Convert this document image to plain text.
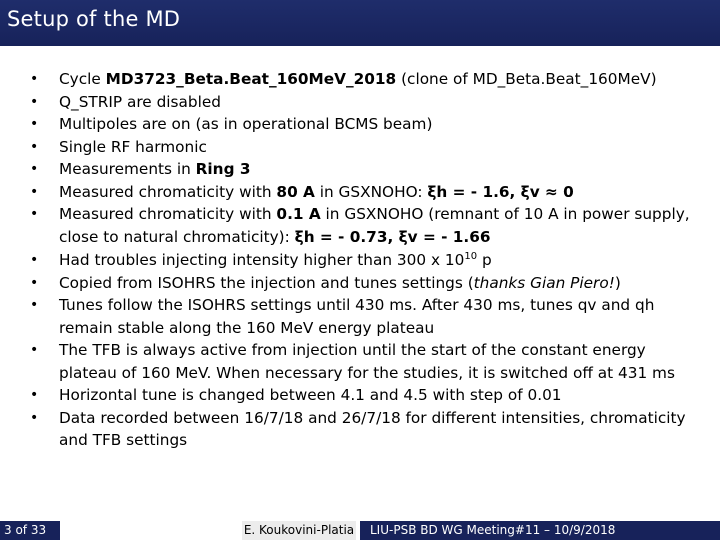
Setup of the MD
• Cycle MD3723_Beta.Beat_160MeV_2018 (clone of MD_Beta.Beat_160MeV)
• Q_STRIP are disabled
• Multipoles are on (as in operational BCMS beam)
• Single RF harmonic
• Measurements in Ring 3
• Measured chromaticity with 80 A in GSXNOHO: ξh = - 1.6, ξv ≈ 0
• Measured chromaticity with 0.1 A in GSXNOHO (remnant of 10 A in power supply, close to natural chromaticity): ξh = - 0.73, ξv = - 1.66
• Had troubles injecting intensity higher than 300 x $10^{10}$ p
• Copied from ISOHRS the injection and tunes settings (thanks Gian Piero!)
• Tunes follow the ISOHRS settings until 430 ms. After 430 ms, tunes qv and qh remain stable along the 160 MeV energy plateau
• The TFB is always active from injection until the start of the constant energy plateau of 160 MeV. When necessary for the studies, it is switched off at 431 ms
• Horizontal tune is changed between 4.1 and 4.5 with step of 0.01
• Data recorded between 16/7/18 and 26/7/18 for different intensities, chromaticity and TFB settings
3 of 33	E. Koukovini-Platia	LIU-PSB BD WG Meeting#11 – 10/9/2018
